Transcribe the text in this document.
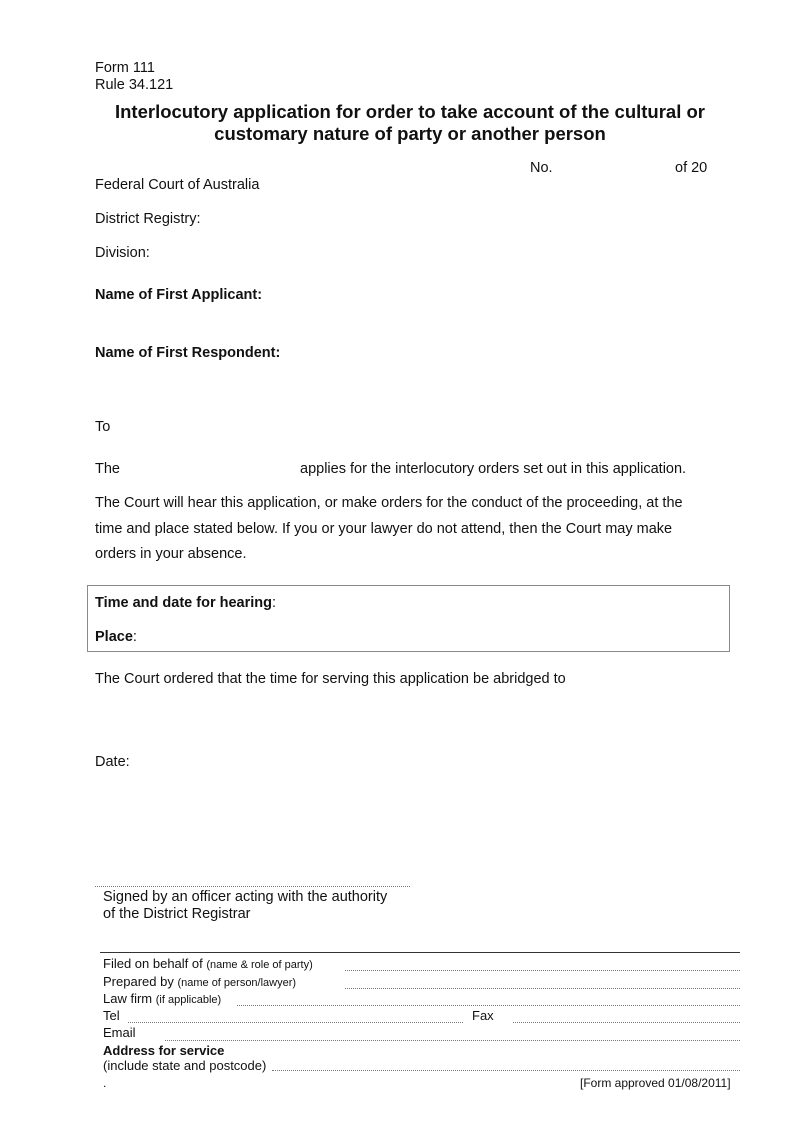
Form 111
Rule 34.121
Interlocutory application for order to take account of the cultural or
customary nature of party or another person
No.	of 20
Federal Court of Australia
District Registry:
Division:
Name of First Applicant:
Name of First Respondent:
To
The	applies for the interlocutory orders set out in this application.
The Court will hear this application, or make orders for the conduct of the proceeding, at the time and place stated below. If you or your lawyer do not attend, then the Court may make orders in your absence.
Time and date for hearing:
Place:
The Court ordered that the time for serving this application be abridged to
Date:
Signed by an officer acting with the authority
of the District Registrar
Filed on behalf of (name & role of party)
Prepared by (name of person/lawyer)
Law firm (if applicable)
Tel	Fax
Email
Address for service
(include state and postcode)
.	[Form approved 01/08/2011]
